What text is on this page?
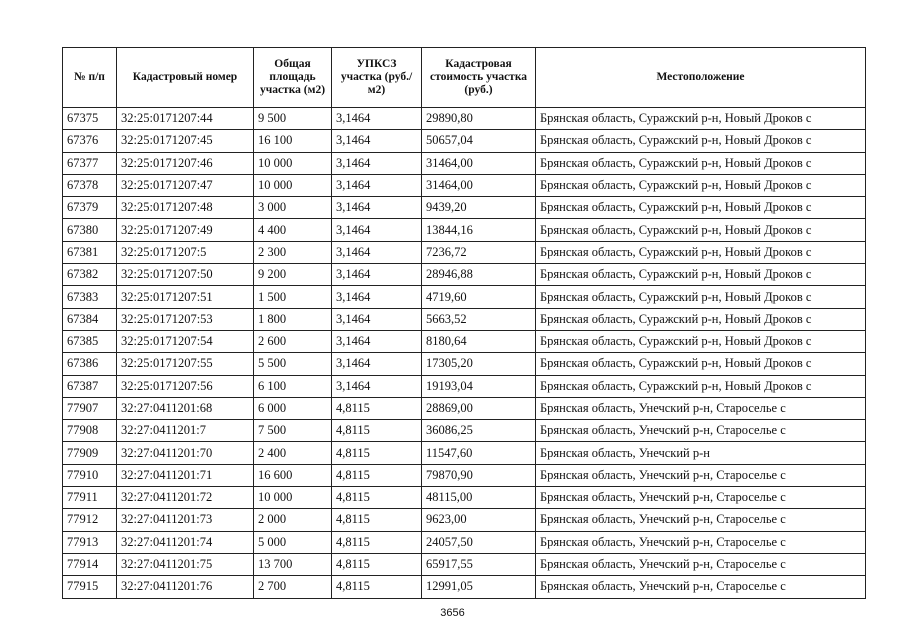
№ п/п	Кадастровый номер	Общая площадь участка (м2)	УПКСЗ участка (руб./м2)	Кадастровая стоимость участка (руб.)	Местоположение
67375	32:25:0171207:44	9 500	3,1464	29890,80	Брянская область, Суражский р-н, Новый Дроков с
67376	32:25:0171207:45	16 100	3,1464	50657,04	Брянская область, Суражский р-н, Новый Дроков с
67377	32:25:0171207:46	10 000	3,1464	31464,00	Брянская область, Суражский р-н, Новый Дроков с
67378	32:25:0171207:47	10 000	3,1464	31464,00	Брянская область, Суражский р-н, Новый Дроков с
67379	32:25:0171207:48	3 000	3,1464	9439,20	Брянская область, Суражский р-н, Новый Дроков с
67380	32:25:0171207:49	4 400	3,1464	13844,16	Брянская область, Суражский р-н, Новый Дроков с
67381	32:25:0171207:5	2 300	3,1464	7236,72	Брянская область, Суражский р-н, Новый Дроков с
67382	32:25:0171207:50	9 200	3,1464	28946,88	Брянская область, Суражский р-н, Новый Дроков с
67383	32:25:0171207:51	1 500	3,1464	4719,60	Брянская область, Суражский р-н, Новый Дроков с
67384	32:25:0171207:53	1 800	3,1464	5663,52	Брянская область, Суражский р-н, Новый Дроков с
67385	32:25:0171207:54	2 600	3,1464	8180,64	Брянская область, Суражский р-н, Новый Дроков с
67386	32:25:0171207:55	5 500	3,1464	17305,20	Брянская область, Суражский р-н, Новый Дроков с
67387	32:25:0171207:56	6 100	3,1464	19193,04	Брянская область, Суражский р-н, Новый Дроков с
77907	32:27:0411201:68	6 000	4,8115	28869,00	Брянская область, Унечский р-н, Староселье с
77908	32:27:0411201:7	7 500	4,8115	36086,25	Брянская область, Унечский р-н, Староселье с
77909	32:27:0411201:70	2 400	4,8115	11547,60	Брянская область, Унечский р-н
77910	32:27:0411201:71	16 600	4,8115	79870,90	Брянская область, Унечский р-н, Староселье с
77911	32:27:0411201:72	10 000	4,8115	48115,00	Брянская область, Унечский р-н, Староселье с
77912	32:27:0411201:73	2 000	4,8115	9623,00	Брянская область, Унечский р-н, Староселье с
77913	32:27:0411201:74	5 000	4,8115	24057,50	Брянская область, Унечский р-н, Староселье с
77914	32:27:0411201:75	13 700	4,8115	65917,55	Брянская область, Унечский р-н, Староселье с
77915	32:27:0411201:76	2 700	4,8115	12991,05	Брянская область, Унечский р-н, Староселье с
3656
